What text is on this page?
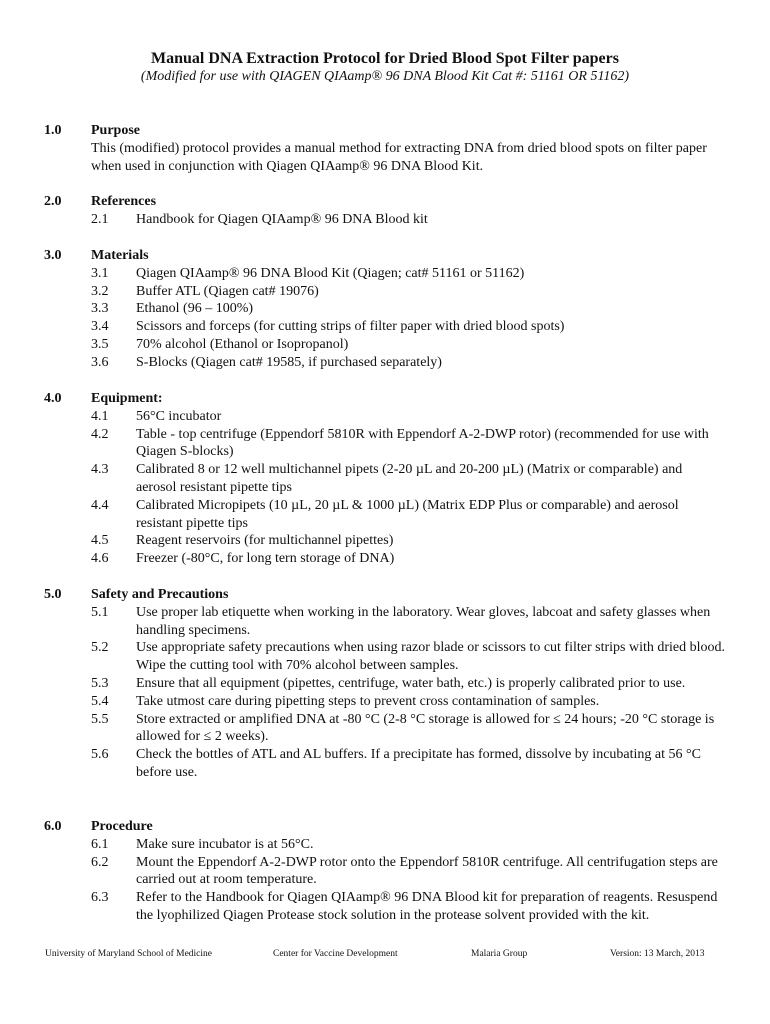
Manual DNA Extraction Protocol for Dried Blood Spot Filter papers
(Modified for use with QIAGEN QIAamp® 96 DNA Blood Kit Cat #: 51161 OR 51162)
1.0 Purpose
This (modified) protocol provides a manual method for extracting DNA from dried blood spots on filter paper when used in conjunction with Qiagen QIAamp® 96 DNA Blood Kit.
2.0 References
2.1 Handbook for Qiagen QIAamp® 96 DNA Blood kit
3.0 Materials
3.1 Qiagen QIAamp® 96 DNA Blood Kit (Qiagen; cat# 51161 or 51162)
3.2 Buffer ATL (Qiagen cat# 19076)
3.3 Ethanol (96 – 100%)
3.4 Scissors and forceps (for cutting strips of filter paper with dried blood spots)
3.5 70% alcohol (Ethanol or Isopropanol)
3.6 S-Blocks (Qiagen cat# 19585, if purchased separately)
4.0 Equipment:
4.1 56°C incubator
4.2 Table - top centrifuge (Eppendorf 5810R with Eppendorf A-2-DWP rotor) (recommended for use with Qiagen S-blocks)
4.3 Calibrated 8 or 12 well multichannel pipets (2-20 µL and 20-200 µL) (Matrix or comparable) and aerosol resistant pipette tips
4.4 Calibrated Micropipets (10 µL, 20 µL & 1000 µL) (Matrix EDP Plus or comparable) and aerosol resistant pipette tips
4.5 Reagent reservoirs (for multichannel pipettes)
4.6 Freezer (-80°C, for long tern storage of DNA)
5.0 Safety and Precautions
5.1 Use proper lab etiquette when working in the laboratory. Wear gloves, labcoat and safety glasses when handling specimens.
5.2 Use appropriate safety precautions when using razor blade or scissors to cut filter strips with dried blood. Wipe the cutting tool with 70% alcohol between samples.
5.3 Ensure that all equipment (pipettes, centrifuge, water bath, etc.) is properly calibrated prior to use.
5.4 Take utmost care during pipetting steps to prevent cross contamination of samples.
5.5 Store extracted or amplified DNA at -80 °C (2-8 °C storage is allowed for ≤ 24 hours; -20 °C storage is allowed for ≤ 2 weeks).
5.6 Check the bottles of ATL and AL buffers. If a precipitate has formed, dissolve by incubating at 56 °C before use.
6.0 Procedure
6.1 Make sure incubator is at 56°C.
6.2 Mount the Eppendorf A-2-DWP rotor onto the Eppendorf 5810R centrifuge. All centrifugation steps are carried out at room temperature.
6.3 Refer to the Handbook for Qiagen QIAamp® 96 DNA Blood kit for preparation of reagents. Resuspend the lyophilized Qiagen Protease stock solution in the protease solvent provided with the kit.
University of Maryland School of Medicine	Center for Vaccine Development	Malaria Group	Version: 13 March, 2013
